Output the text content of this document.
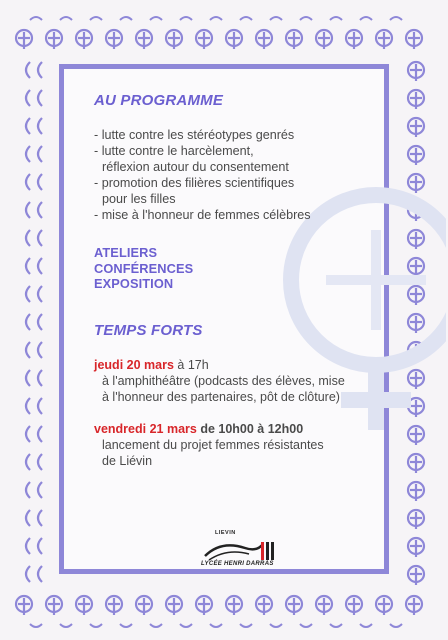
AU PROGRAMME
- lutte contre les stéréotypes genrés
- lutte contre le harcèlement,
réflexion autour du consentement
- promotion des filières scientifiques
pour les filles
- mise à l'honneur de femmes célèbres
ATELIERS
CONFÉRENCES
EXPOSITION
TEMPS FORTS
jeudi 20 mars à 17h
à l'amphithéâtre (podcasts des élèves, mise
à l'honneur des partenaires, pôt de clôture)
vendredi 21 mars de 10h00 à 12h00
lancement du projet femmes résistantes
de Liévin
LIEVIN
LYCÉE HENRI DARRAS
